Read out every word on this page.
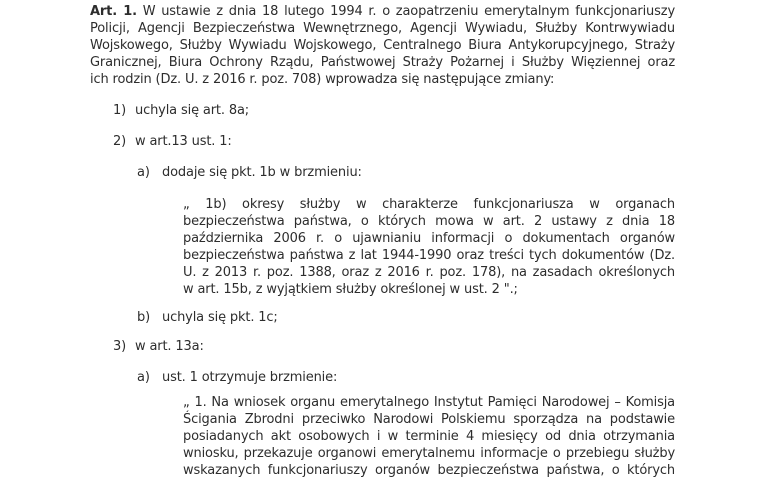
Art. 1. W ustawie z dnia 18 lutego 1994 r. o zaopatrzeniu emerytalnym funkcjonariuszy
Policji, Agencji Bezpieczeństwa Wewnętrznego, Agencji Wywiadu, Służby Kontrwywiadu
Wojskowego, Służby Wywiadu Wojskowego, Centralnego Biura Antykorupcyjnego, Straży
Granicznej, Biura Ochrony Rządu, Państwowej Straży Pożarnej i Służby Więziennej oraz
ich rodzin (Dz. U. z 2016 r. poz. 708) wprowadza się następujące zmiany:
1) uchyla się art. 8a;
2) w art.13 ust. 1:
a) dodaje się pkt. 1b w brzmieniu:
„ 1b) okresy służby w charakterze funkcjonariusza w organach
bezpieczeństwa państwa, o których mowa w art. 2 ustawy z dnia 18
października 2006 r. o ujawnianiu informacji o dokumentach organów
bezpieczeństwa państwa z lat 1944-1990 oraz treści tych dokumentów (Dz.
U. z 2013 r. poz. 1388, oraz z 2016 r. poz. 178), na zasadach określonych
w art. 15b, z wyjątkiem służby określonej w ust. 2 ".;
b) uchyla się pkt. 1c;
3) w art. 13a:
a) ust. 1 otrzymuje brzmienie:
„ 1. Na wniosek organu emerytalnego Instytut Pamięci Narodowej – Komisja
Ścigania Zbrodni przeciwko Narodowi Polskiemu sporządza na podstawie
posiadanych akt osobowych i w terminie 4 miesięcy od dnia otrzymania
wniosku, przekazuje organowi emerytalnemu informacje o przebiegu służby
wskazanych funkcjonariuszy organów bezpieczeństwa państwa, o których
